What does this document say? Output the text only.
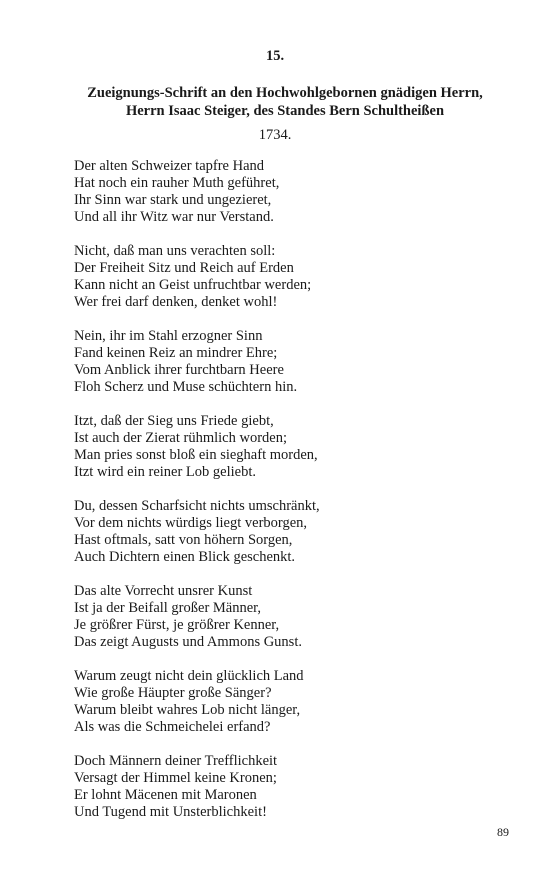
15.
Zueignungs-Schrift an den Hochwohlgebornen gnädigen Herrn,
Herrn Isaac Steiger, des Standes Bern Schultheißen
1734.
Der alten Schweizer tapfre Hand
Hat noch ein rauher Muth geführet,
Ihr Sinn war stark und ungezieret,
Und all ihr Witz war nur Verstand.
Nicht, daß man uns verachten soll:
Der Freiheit Sitz und Reich auf Erden
Kann nicht an Geist unfruchtbar werden;
Wer frei darf denken, denket wohl!
Nein, ihr im Stahl erzogner Sinn
Fand keinen Reiz an mindrer Ehre;
Vom Anblick ihrer furchtbarn Heere
Floh Scherz und Muse schüchtern hin.
Itzt, daß der Sieg uns Friede giebt,
Ist auch der Zierat rühmlich worden;
Man pries sonst bloß ein sieghaft morden,
Itzt wird ein reiner Lob geliebt.
Du, dessen Scharfsicht nichts umschränkt,
Vor dem nichts würdigs liegt verborgen,
Hast oftmals, satt von höhern Sorgen,
Auch Dichtern einen Blick geschenkt.
Das alte Vorrecht unsrer Kunst
Ist ja der Beifall großer Männer,
Je größrer Fürst, je größrer Kenner,
Das zeigt Augusts und Ammons Gunst.
Warum zeugt nicht dein glücklich Land
Wie große Häupter große Sänger?
Warum bleibt wahres Lob nicht länger,
Als was die Schmeichelei erfand?
Doch Männern deiner Trefflichkeit
Versagt der Himmel keine Kronen;
Er lohnt Mäcenen mit Maronen
Und Tugend mit Unsterblichkeit!
89
